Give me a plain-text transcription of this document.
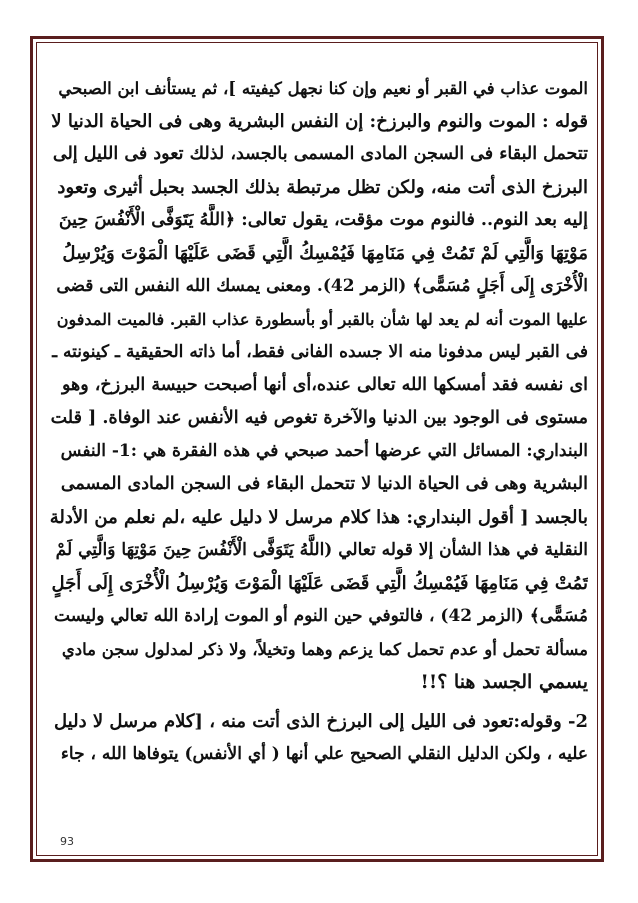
الموت عذاب في القبر أو نعيم وإن كنا نجهل كيفيته ]، ثم يستأنف ابن الصبحي
قوله : الموت والنوم والبرزخ: إن النفس البشرية وهى فى الحياة الدنيا لا
تتحمل البقاء فى السجن المادى المسمى بالجسد، لذلك تعود فى الليل إلى
البرزخ الذى أتت منه، ولكن تظل مرتبطة بذلك الجسد بحبل أثيرى وتعود
إليه بعد النوم.. فالنوم موت مؤقت، يقول تعالى: ﴿اللَّهُ يَتَوَفَّى الْأَنْفُسَ حِينَ
مَوْتِهَا وَالَّتِي لَمْ تَمُتْ فِي مَنَامِهَا فَيُمْسِكُ الَّتِي قَضَى عَلَيْهَا الْمَوْتَ وَيُرْسِلُ
الْأُخْرَى إِلَى أَجَلٍ مُسَمًّى﴾ (الزمر 42). ومعنى يمسك الله النفس التى قضى
عليها الموت أنه لم يعد لها شأن بالقبر أو بأسطورة عذاب القبر. فالميت المدفون
فى القبر ليس مدفونا منه الا جسده الفانى فقط، أما ذاته الحقيقية ـ كينونته ـ
اى نفسه فقد أمسكها الله تعالى عنده،أى أنها أصبحت حبيسة البرزخ، وهو
مستوى فى الوجود بين الدنيا والآخرة تغوص فيه الأنفس عند الوفاة. [ قلت
البنداري: المسائل التي عرضها أحمد صبحي في هذه الفقرة هي :1- النفس
البشرية وهى فى الحياة الدنيا لا تتحمل البقاء فى السجن المادى المسمى
بالجسد [ أقول البنداري: هذا كلام مرسل لا دليل عليه ،لم نعلم من الأدلة
النقلية في هذا الشأن إلا قوله تعالي (اللَّهُ يَتَوَفَّى الْأَنْفُسَ حِينَ مَوْتِهَا وَالَّتِي لَمْ
تَمُتْ فِي مَنَامِهَا فَيُمْسِكُ الَّتِي قَضَى عَلَيْهَا الْمَوْتَ وَيُرْسِلُ الْأُخْرَى إِلَى أَجَلٍ
مُسَمًّى﴾ (الزمر 42) ، فالتوفي حين النوم أو الموت إرادة الله تعالي وليست
مسألة تحمل أو عدم تحمل كما يزعم وهما وتخيلاً، ولا ذكر لمدلول سجن مادي
يسمي الجسد هنا ؟!!
2- وقوله:تعود فى الليل إلى البرزخ الذى أتت منه ، [كلام مرسل لا دليل
عليه ، ولكن الدليل النقلي الصحيح علي أنها ( أي الأنفس) يتوفاها الله ، جاء
93
